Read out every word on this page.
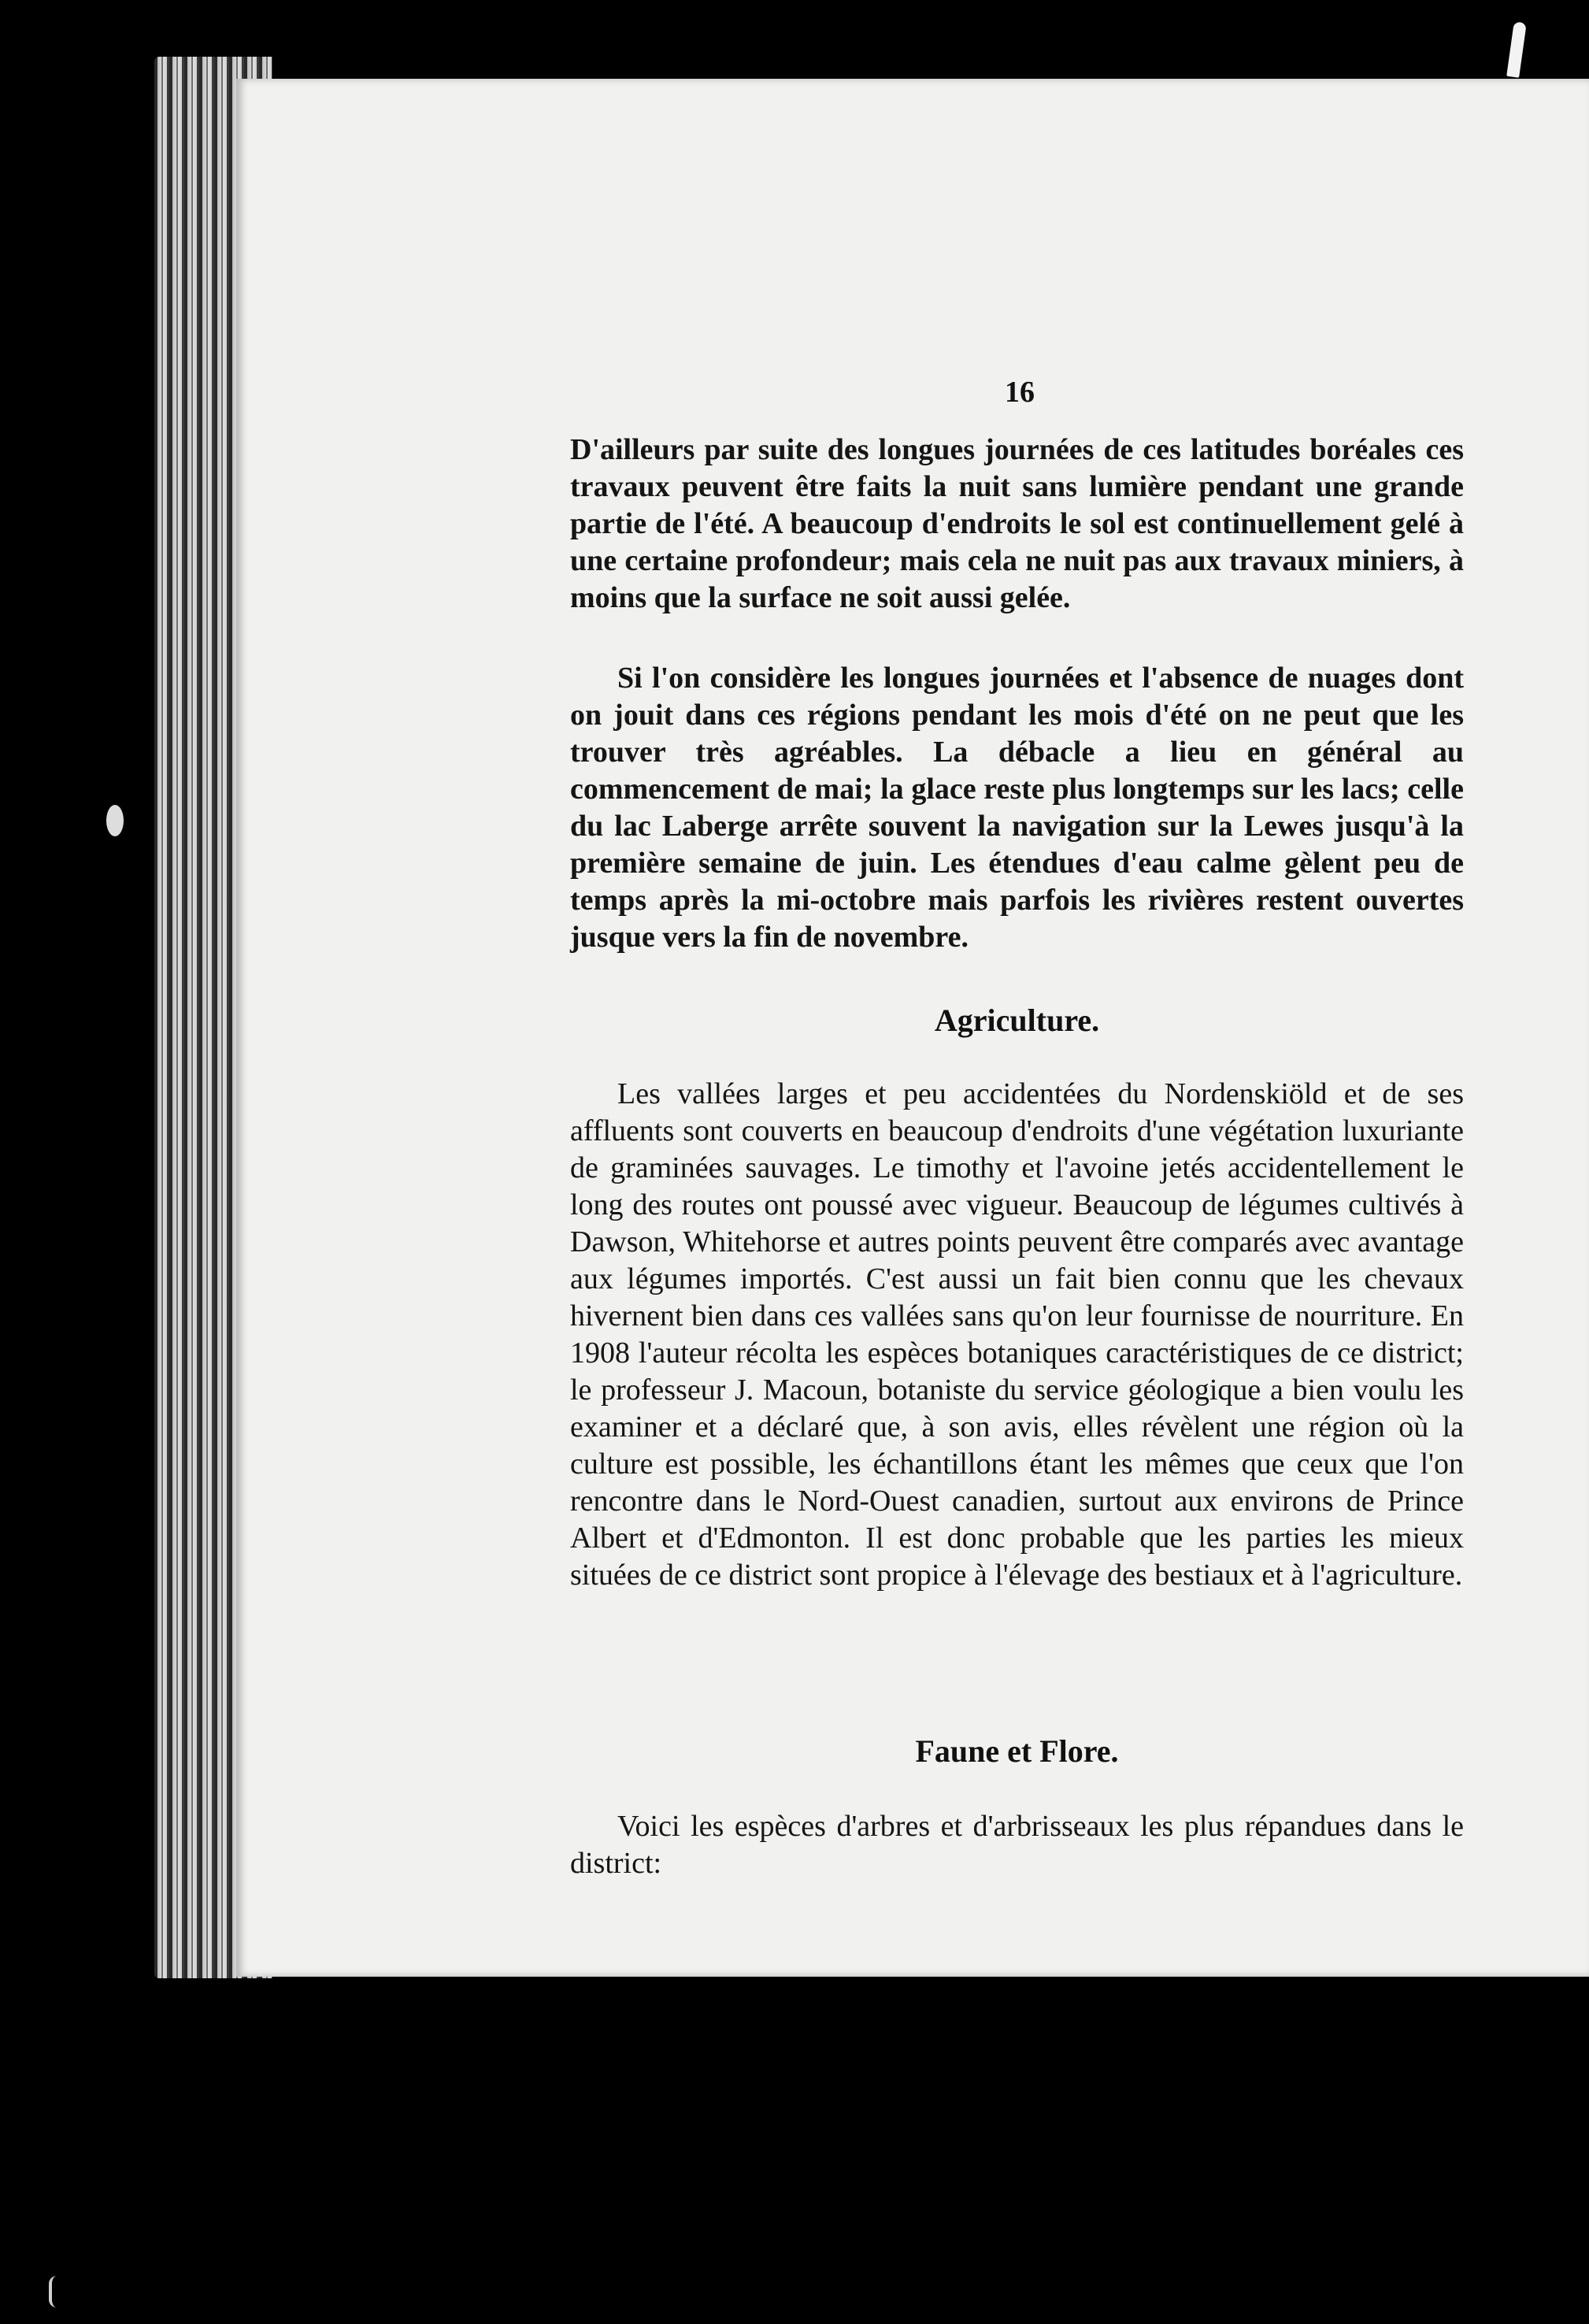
16
D'ailleurs par suite des longues journées de ces latitudes boréales ces travaux peuvent être faits la nuit sans lumière pendant une grande partie de l'été. A beaucoup d'endroits le sol est continuellement gelé à une certaine profondeur; mais cela ne nuit pas aux travaux miniers, à moins que la surface ne soit aussi gelée.
Si l'on considère les longues journées et l'absence de nuages dont on jouit dans ces régions pendant les mois d'été on ne peut que les trouver très agréables. La débacle a lieu en général au commencement de mai; la glace reste plus longtemps sur les lacs; celle du lac Laberge arrête souvent la navigation sur la Lewes jusqu'à la première semaine de juin. Les étendues d'eau calme gèlent peu de temps après la mi-octobre mais parfois les rivières restent ouvertes jusque vers la fin de novembre.
Agriculture.
Les vallées larges et peu accidentées du Nordenskiöld et de ses affluents sont couverts en beaucoup d'endroits d'une végétation luxuriante de graminées sauvages. Le timothy et l'avoine jetés accidentellement le long des routes ont poussé avec vigueur. Beaucoup de légumes cultivés à Dawson, Whitehorse et autres points peuvent être comparés avec avantage aux légumes importés. C'est aussi un fait bien connu que les chevaux hivernent bien dans ces vallées sans qu'on leur fournisse de nourriture. En 1908 l'auteur récolta les espèces botaniques caractéristiques de ce district; le professeur J. Macoun, botaniste du service géologique a bien voulu les examiner et a déclaré que, à son avis, elles révèlent une région où la culture est possible, les échantillons étant les mêmes que ceux que l'on rencontre dans le Nord-Ouest canadien, surtout aux environs de Prince Albert et d'Edmonton. Il est donc probable que les parties les mieux situées de ce district sont propice à l'élevage des bestiaux et à l'agriculture.
Faune et Flore.
Voici les espèces d'arbres et d'arbrisseaux les plus répandues dans le district:
